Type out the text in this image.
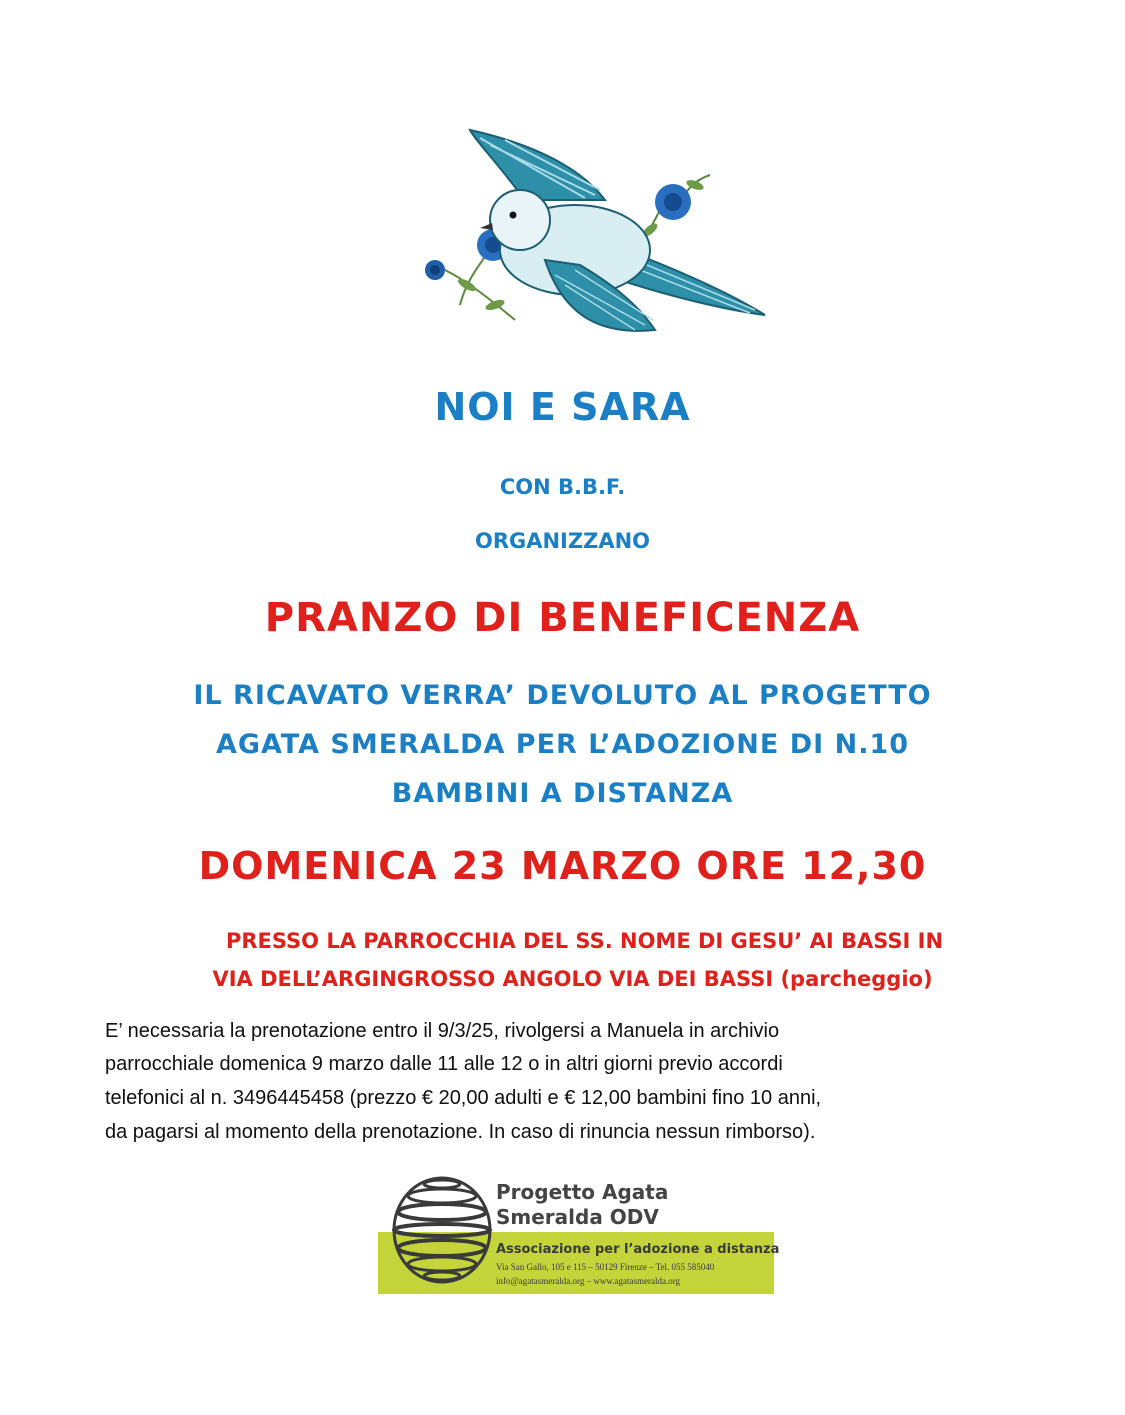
NOI E SARA
CON B.B.F.
ORGANIZZANO
PRANZO DI BENEFICENZA
IL RICAVATO VERRA’ DEVOLUTO AL PROGETTO
AGATA SMERALDA PER L’ADOZIONE DI N.10
BAMBINI A DISTANZA
DOMENICA 23 MARZO ORE 12,30
PRESSO LA PARROCCHIA DEL SS. NOME DI GESU’ AI BASSI IN
VIA DELL’ARGINGROSSO ANGOLO VIA DEI BASSI (parcheggio)
E’ necessaria la prenotazione entro il 9/3/25, rivolgersi a Manuela in archivio
parrocchiale domenica 9 marzo dalle 11 alle 12 o in altri giorni previo accordi
telefonici al n. 3496445458 (prezzo € 20,00 adulti e € 12,00 bambini fino 10 anni,
da pagarsi al momento della prenotazione. In caso di rinuncia nessun rimborso).
Progetto Agata
Smeralda ODV
Associazione per l’adozione a distanza
Via San Gallo, 105 e 115 – 50129 Firenze – Tel. 055 585040
info@agatasmeralda.org – www.agatasmeralda.org
